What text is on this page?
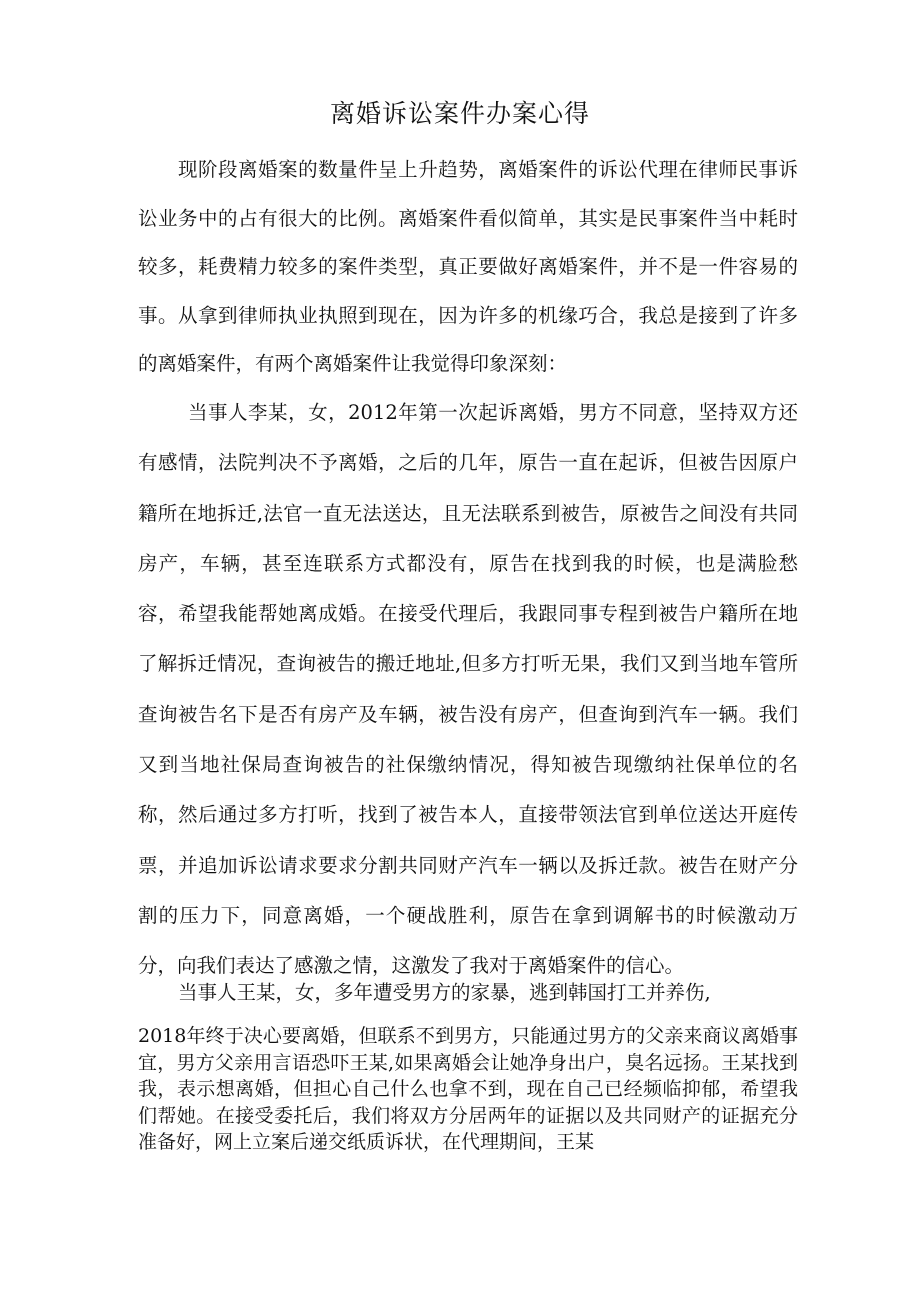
离婚诉讼案件办案心得

现阶段离婚案的数量件呈上升趋势，离婚案件的诉讼代理在律师民事诉讼业务中的占有很大的比例。离婚案件看似简单，其实是民事案件当中耗时较多，耗费精力较多的案件类型，真正要做好离婚案件，并不是一件容易的事。从拿到律师执业执照到现在，因为许多的机缘巧合，我总是接到了许多的离婚案件，有两个离婚案件让我觉得印象深刻：

当事人李某，女，2012年第一次起诉离婚，男方不同意，坚持双方还有感情，法院判决不予离婚，之后的几年，原告一直在起诉，但被告因原户籍所在地拆迁,法官一直无法送达，且无法联系到被告，原被告之间没有共同房产，车辆，甚至连联系方式都没有，原告在找到我的时候，也是满脸愁容，希望我能帮她离成婚。在接受代理后，我跟同事专程到被告户籍所在地了解拆迁情况，查询被告的搬迁地址,但多方打听无果，我们又到当地车管所查询被告名下是否有房产及车辆，被告没有房产，但查询到汽车一辆。我们又到当地社保局查询被告的社保缴纳情况，得知被告现缴纳社保单位的名称，然后通过多方打听，找到了被告本人，直接带领法官到单位送达开庭传票，并追加诉讼请求要求分割共同财产汽车一辆以及拆迁款。被告在财产分割的压力下，同意离婚，一个硬战胜利，原告在拿到调解书的时候激动万分，向我们表达了感激之情，这激发了我对于离婚案件的信心。

当事人王某，女，多年遭受男方的家暴，逃到韩国打工并养伤,

2018年终于决心要离婚，但联系不到男方，只能通过男方的父亲来商议离婚事宜，男方父亲用言语恐吓王某,如果离婚会让她净身出户，臭名远扬。王某找到我，表示想离婚，但担心自己什么也拿不到，现在自己已经频临抑郁，希望我们帮她。在接受委托后，我们将双方分居两年的证据以及共同财产的证据充分准备好，网上立案后递交纸质诉状，在代理期间，王某
